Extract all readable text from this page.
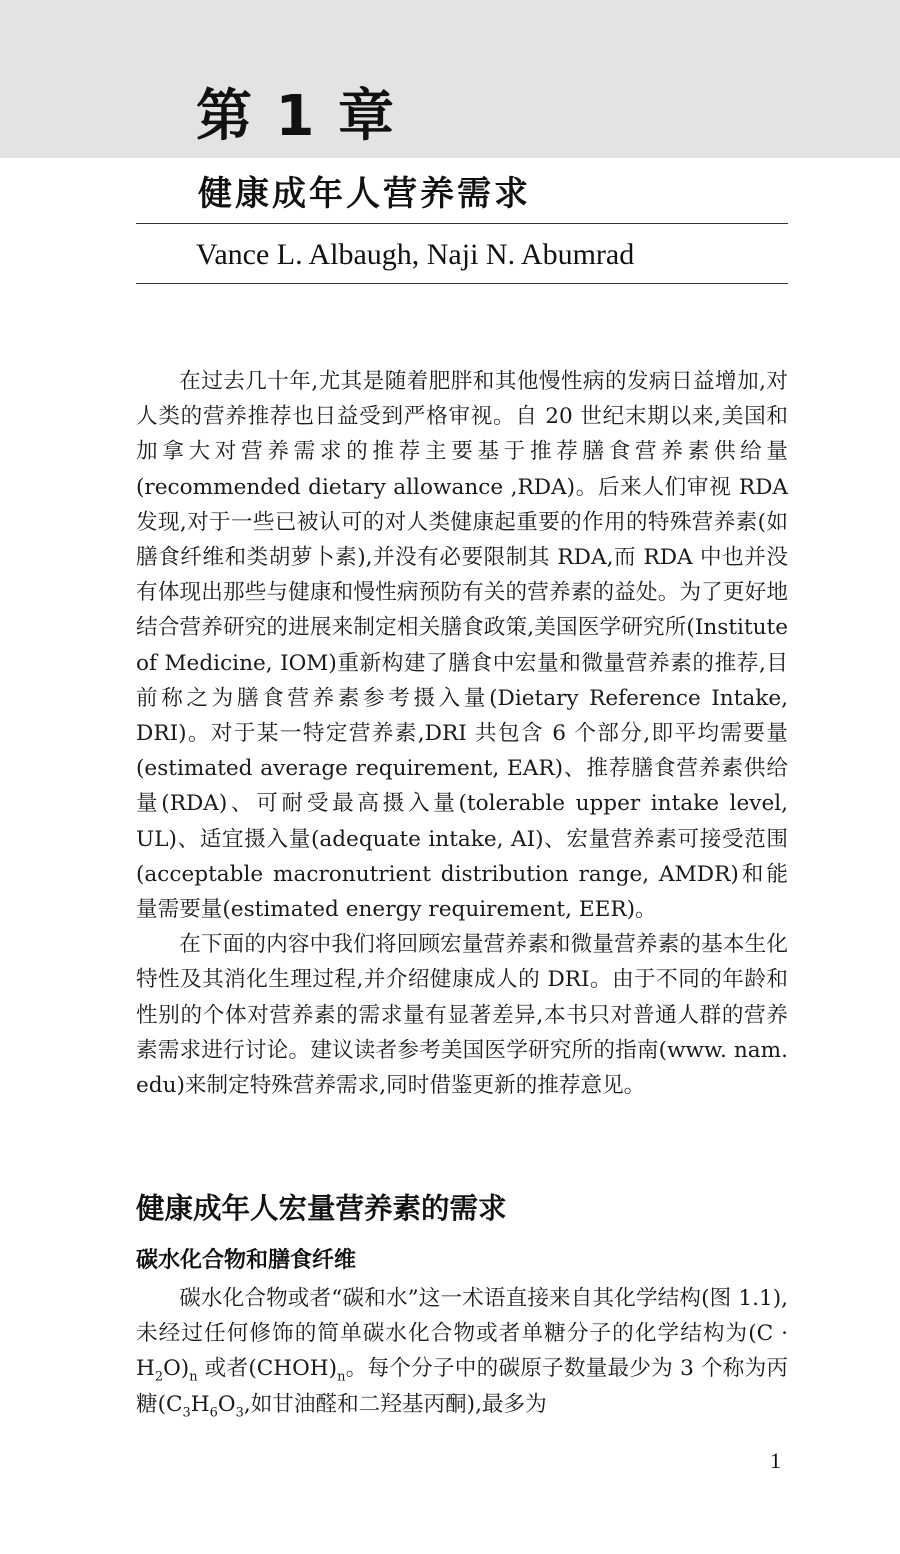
第 1 章
健康成年人营养需求
Vance L. Albaugh, Naji N. Abumrad

在过去几十年,尤其是随着肥胖和其他慢性病的发病日益增加,对人类的营养推荐也日益受到严格审视。自 20 世纪末期以来,美国和加拿大对营养需求的推荐主要基于推荐膳食营养素供给量(recommended dietary allowance ,RDA)。后来人们审视 RDA 发现,对于一些已被认可的对人类健康起重要的作用的特殊营养素(如膳食纤维和类胡萝卜素),并没有必要限制其 RDA,而 RDA 中也并没有体现出那些与健康和慢性病预防有关的营养素的益处。为了更好地结合营养研究的进展来制定相关膳食政策,美国医学研究所(Institute of Medicine, IOM)重新构建了膳食中宏量和微量营养素的推荐,目前称之为膳食营养素参考摄入量(Dietary Reference Intake, DRI)。对于某一特定营养素,DRI 共包含 6 个部分,即平均需要量(estimated average requirement, EAR)、推荐膳食营养素供给量(RDA)、可耐受最高摄入量(tolerable upper intake level, UL)、适宜摄入量(adequate intake, AI)、宏量营养素可接受范围(acceptable macronutrient distribution range, AMDR)和能量需要量(estimated energy requirement, EER)。

在下面的内容中我们将回顾宏量营养素和微量营养素的基本生化特性及其消化生理过程,并介绍健康成人的 DRI。由于不同的年龄和性别的个体对营养素的需求量有显著差异,本书只对普通人群的营养素需求进行讨论。建议读者参考美国医学研究所的指南(www. nam. edu)来制定特殊营养需求,同时借鉴更新的推荐意见。

健康成年人宏量营养素的需求
碳水化合物和膳食纤维

碳水化合物或者“碳和水”这一术语直接来自其化学结构(图 1.1),未经过任何修饰的简单碳水化合物或者单糖分子的化学结构为$(C \cdot H_2O)_n$ 或者$(CHOH)_n$。每个分子中的碳原子数量最少为 3 个称为丙糖($C_3H_6O_3$,如甘油醛和二羟基丙酮),最多为

1
